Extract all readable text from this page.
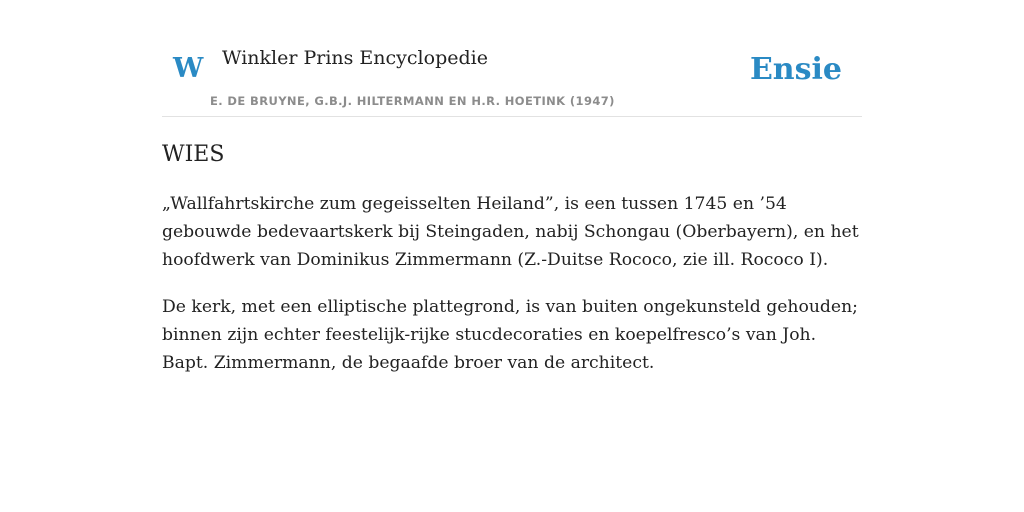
W Winkler Prins Encyclopedie
E. DE BRUYNE, G.B.J. HILTERMANN EN H.R. HOETINK (1947)
Ensie
WIES

„Wallfahrtskirche zum gegeisselten Heiland”, is een tussen 1745 en ’54 gebouwde bedevaartskerk bij Steingaden, nabij Schongau (Oberbayern), en het hoofdwerk van Dominikus Zimmermann (Z.-Duitse Rococo, zie ill. Rococo I).

De kerk, met een elliptische plattegrond, is van buiten ongekunsteld gehouden; binnen zijn echter feestelijk-rijke stucdecoraties en koepelfresco’s van Joh. Bapt. Zimmermann, de begaafde broer van de architect.
